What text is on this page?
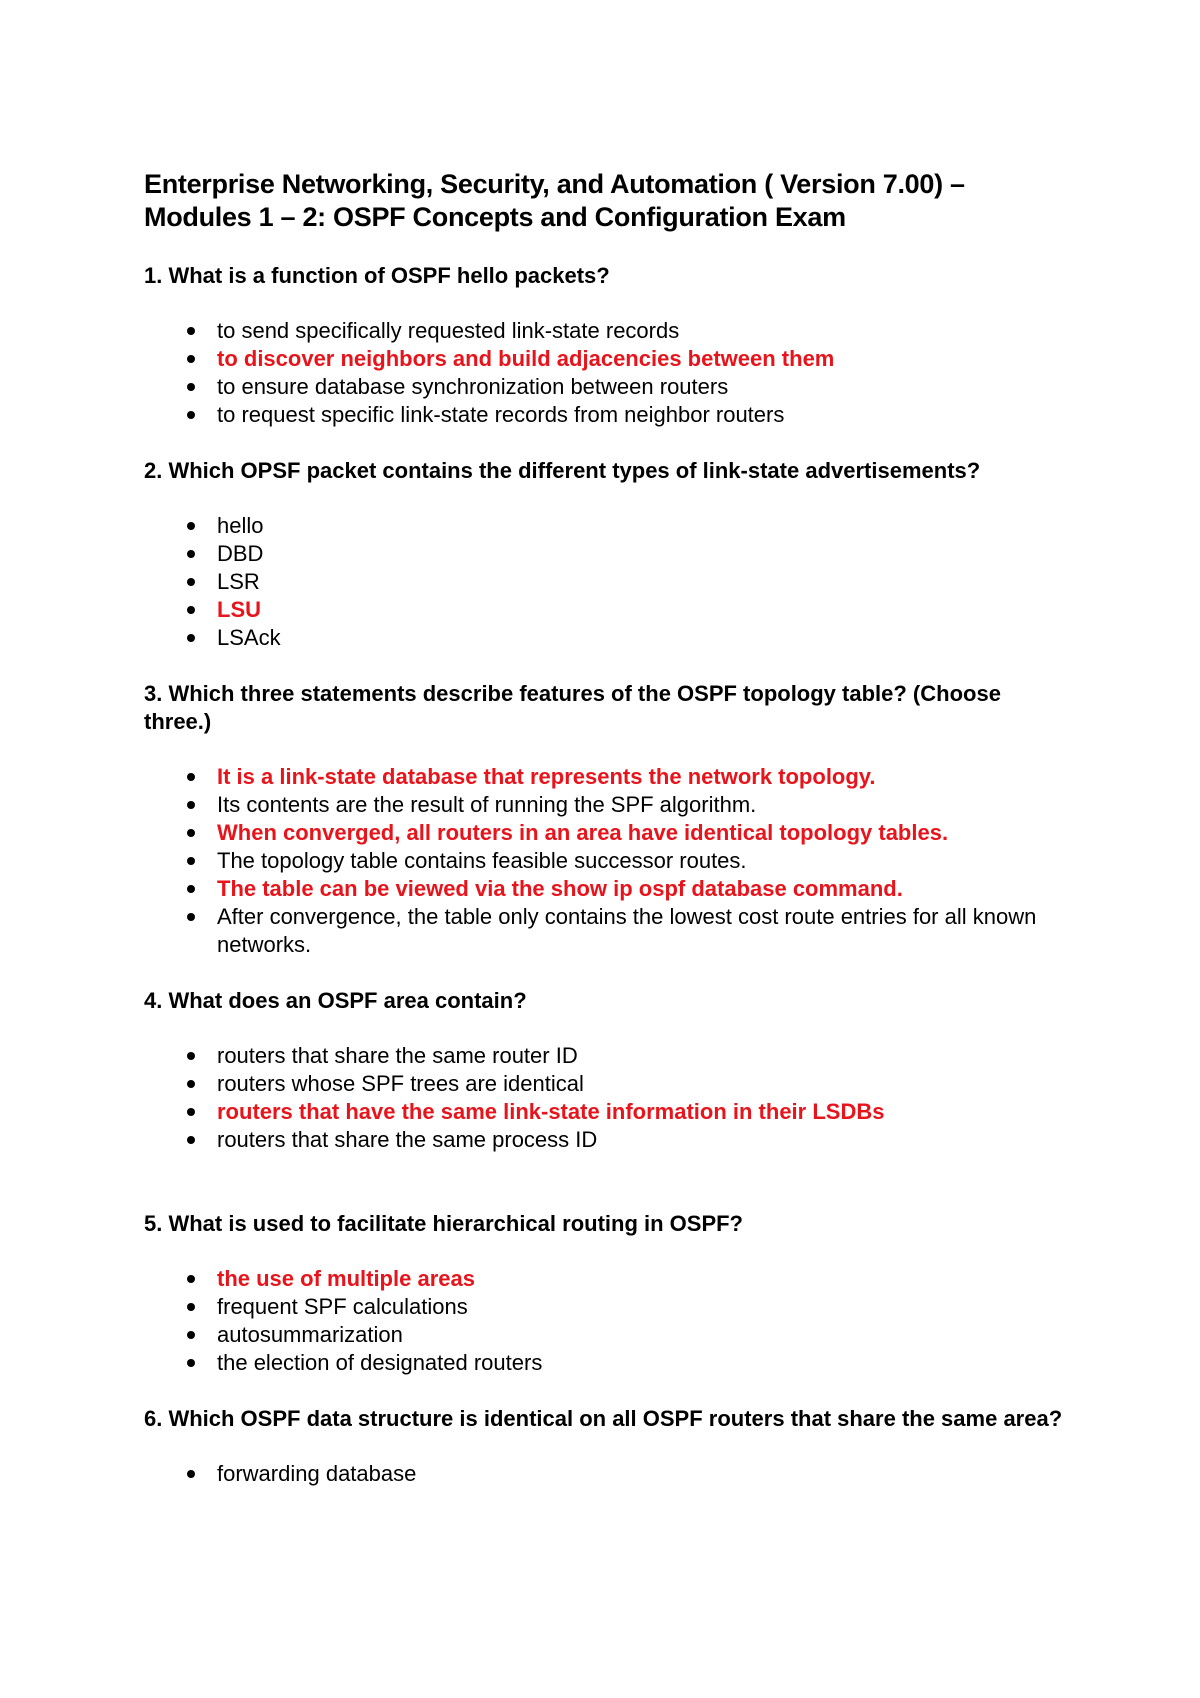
Enterprise Networking, Security, and Automation ( Version 7.00) –
Modules 1 – 2: OSPF Concepts and Configuration Exam

1. What is a function of OSPF hello packets?

to send specifically requested link-state records
to discover neighbors and build adjacencies between them
to ensure database synchronization between routers
to request specific link-state records from neighbor routers

2. Which OPSF packet contains the different types of link-state advertisements?

hello
DBD
LSR
LSU
LSAck

3. Which three statements describe features of the OSPF topology table? (Choose three.)

It is a link-state database that represents the network topology.
Its contents are the result of running the SPF algorithm.
When converged, all routers in an area have identical topology tables.
The topology table contains feasible successor routes.
The table can be viewed via the show ip ospf database command.
After convergence, the table only contains the lowest cost route entries for all known networks.

4. What does an OSPF area contain?

routers that share the same router ID
routers whose SPF trees are identical
routers that have the same link-state information in their LSDBs
routers that share the same process ID

5. What is used to facilitate hierarchical routing in OSPF?

the use of multiple areas
frequent SPF calculations
autosummarization
the election of designated routers

6. Which OSPF data structure is identical on all OSPF routers that share the same area?

forwarding database
